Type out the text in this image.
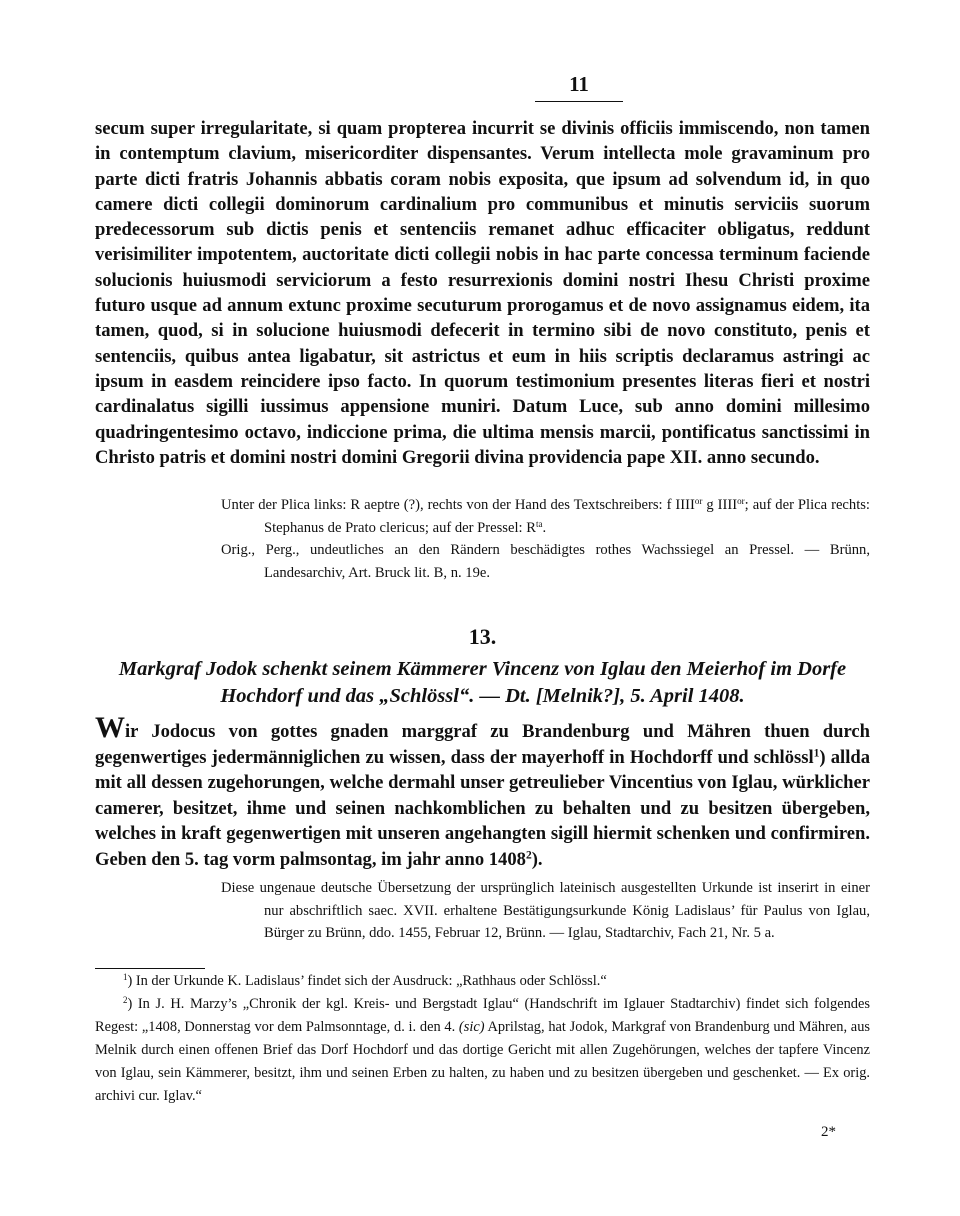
11

secum super irregularitate, si quam propterea incurrit se divinis officiis immiscendo, non tamen in contemptum clavium, misericorditer dispensantes. Verum intellecta mole gravaminum pro parte dicti fratris Johannis abbatis coram nobis exposita, que ipsum ad solvendum id, in quo camere dicti collegii dominorum cardinalium pro communibus et minutis serviciis suorum predecessorum sub dictis penis et sentenciis remanet adhuc efficaciter obligatus, reddunt verisimiliter impotentem, auctoritate dicti collegii nobis in hac parte concessa terminum faciende solucionis huiusmodi serviciorum a festo resurrexionis domini nostri Ihesu Christi proxime futuro usque ad annum extunc proxime secuturum prorogamus et de novo assignamus eidem, ita tamen, quod, si in solucione huiusmodi defecerit in termino sibi de novo constituto, penis et sentenciis, quibus antea ligabatur, sit astrictus et eum in hiis scriptis declaramus astringi ac ipsum in easdem reincidere ipso facto. In quorum testimonium presentes literas fieri et nostri cardinalatus sigilli iussimus appensione muniri. Datum Luce, sub anno domini millesimo quadringentesimo octavo, indiccione prima, die ultima mensis marcii, pontificatus sanctissimi in Christo patris et domini nostri domini Gregorii divina providencia pape XII. anno secundo.

Unter der Plica links: R aeptre (?), rechts von der Hand des Textschreibers: f $IIII^{or}$ g $IIII^{or}$; auf der Plica rechts: Stephanus de Prato clericus; auf der Pressel: $R^{ta}$.

Orig., Perg., undeutliches an den Rändern beschädigtes rothes Wachssiegel an Pressel. — Brünn, Landesarchiv, Art. Bruck lit. B, n. 19e.

13.

Markgraf Jodok schenkt seinem Kämmerer Vincenz von Iglau den Meierhof im Dorfe
Hochdorf und das „Schlössl“. — Dt. [Melnik?], 5. April 1408.

Wir Jodocus von gottes gnaden marggraf zu Brandenburg und Mähren thuen durch gegenwertiges jedermänniglichen zu wissen, dass der mayerhoff in Hochdorff und schlössl$^1$) allda mit all dessen zugehorungen, welche dermahl unser getreulieber Vincentius von Iglau, würklicher camerer, besitzet, ihme und seinen nachkomblichen zu behalten und zu besitzen übergeben, welches in kraft gegenwertigen mit unseren angehangten sigill hiermit schenken und confirmiren. Geben den 5. tag vorm palmsontag, im jahr anno 1408$^2$).

Diese ungenaue deutsche Übersetzung der ursprünglich lateinisch ausgestellten Urkunde ist inserirt in einer nur abschriftlich saec. XVII. erhaltene Bestätigungsurkunde König Ladislaus’ für Paulus von Iglau, Bürger zu Brünn, ddo. 1455, Februar 12, Brünn. — Iglau, Stadtarchiv, Fach 21, Nr. 5 a.

$^1$) In der Urkunde K. Ladislaus’ findet sich der Ausdruck: „Rathhaus oder Schlössl.“

$^2$) In J. H. Marzy’s „Chronik der kgl. Kreis- und Bergstadt Iglau“ (Handschrift im Iglauer Stadtarchiv) findet sich folgendes Regest: „1408, Donnerstag vor dem Palmsonntage, d. i. den 4. (sic) Aprilstag, hat Jodok, Markgraf von Brandenburg und Mähren, aus Melnik durch einen offenen Brief das Dorf Hochdorf und das dortige Gericht mit allen Zugehörungen, welches der tapfere Vincenz von Iglau, sein Kämmerer, besitzt, ihm und seinen Erben zu halten, zu haben und zu besitzen übergeben und geschenket. — Ex orig. archivi cur. Iglav.“

2*
